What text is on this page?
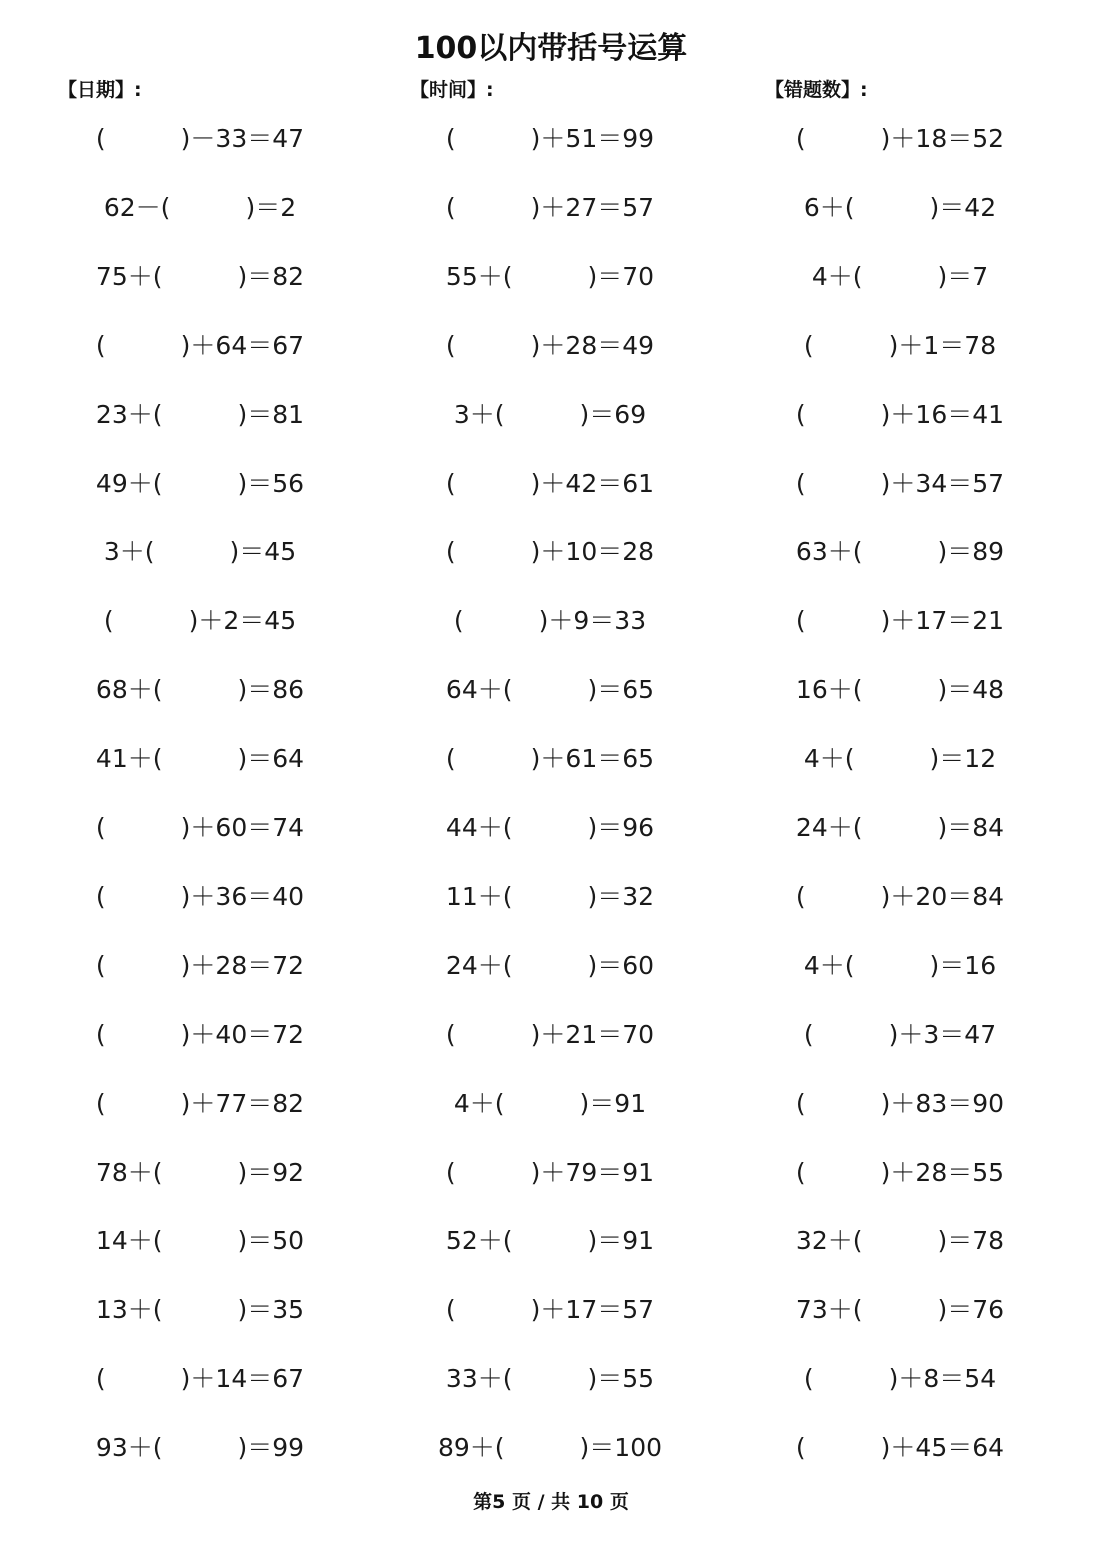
100以内带括号运算
【日期】:	【时间】:	【错题数】:
(　　　)－33＝47
62－(　　　)＝2
75＋(　　　)＝82
(　　　)＋64＝67
23＋(　　　)＝81
49＋(　　　)＝56
3＋(　　　)＝45
(　　　)＋2＝45
68＋(　　　)＝86
41＋(　　　)＝64
(　　　)＋60＝74
(　　　)＋36＝40
(　　　)＋28＝72
(　　　)＋40＝72
(　　　)＋77＝82
78＋(　　　)＝92
14＋(　　　)＝50
13＋(　　　)＝35
(　　　)＋14＝67
93＋(　　　)＝99
(　　　)＋51＝99
(　　　)＋27＝57
55＋(　　　)＝70
(　　　)＋28＝49
3＋(　　　)＝69
(　　　)＋42＝61
(　　　)＋10＝28
(　　　)＋9＝33
64＋(　　　)＝65
(　　　)＋61＝65
44＋(　　　)＝96
11＋(　　　)＝32
24＋(　　　)＝60
(　　　)＋21＝70
4＋(　　　)＝91
(　　　)＋79＝91
52＋(　　　)＝91
(　　　)＋17＝57
33＋(　　　)＝55
89＋(　　　)＝100
(　　　)＋18＝52
6＋(　　　)＝42
4＋(　　　)＝7
(　　　)＋1＝78
(　　　)＋16＝41
(　　　)＋34＝57
63＋(　　　)＝89
(　　　)＋17＝21
16＋(　　　)＝48
4＋(　　　)＝12
24＋(　　　)＝84
(　　　)＋20＝84
4＋(　　　)＝16
(　　　)＋3＝47
(　　　)＋83＝90
(　　　)＋28＝55
32＋(　　　)＝78
73＋(　　　)＝76
(　　　)＋8＝54
(　　　)＋45＝64
第5 页 / 共 10 页
